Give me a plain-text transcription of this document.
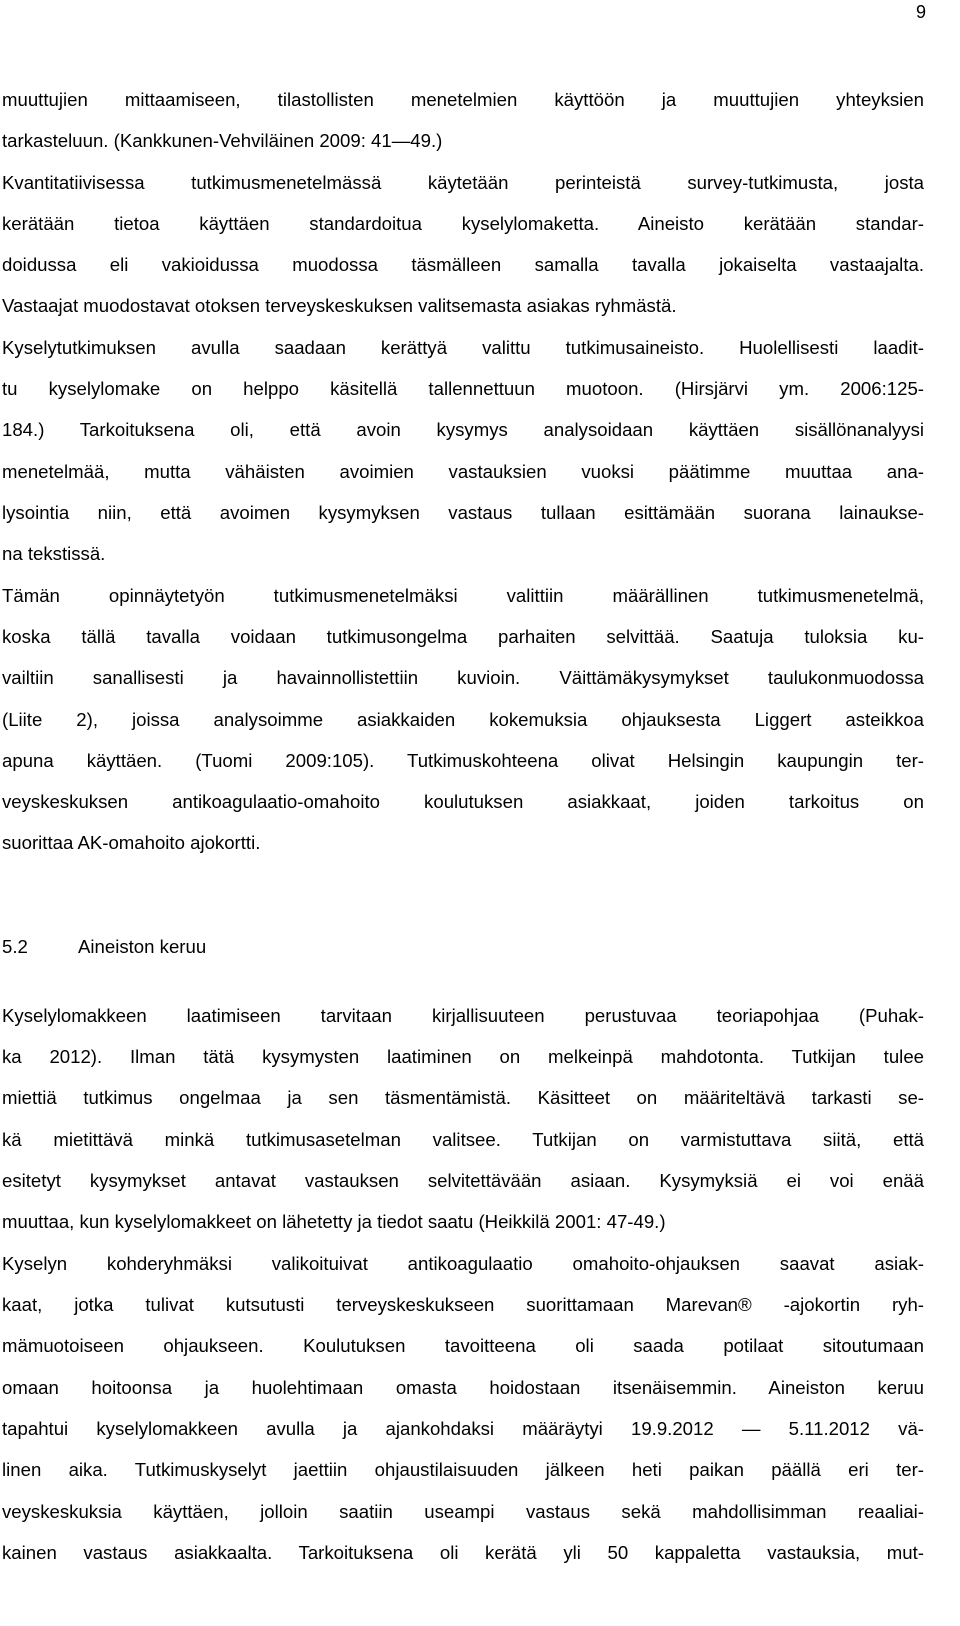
9
muuttujien mittaamiseen, tilastollisten menetelmien käyttöön ja muuttujien yhteyksien
tarkasteluun. (Kankkunen-Vehviläinen 2009: 41—49.)
Kvantitatiivisessa tutkimusmenetelmässä käytetään perinteistä survey-tutkimusta, josta
kerätään tietoa käyttäen standardoitua kyselylomaketta. Aineisto kerätään standar-
doidussa eli vakioidussa muodossa täsmälleen samalla tavalla jokaiselta vastaajalta.
Vastaajat muodostavat otoksen terveyskeskuksen valitsemasta asiakas ryhmästä.
Kyselytutkimuksen avulla saadaan kerättyä valittu tutkimusaineisto. Huolellisesti laadit-
tu kyselylomake on helppo käsitellä tallennettuun muotoon. (Hirsjärvi ym. 2006:125-
184.) Tarkoituksena oli, että avoin kysymys analysoidaan käyttäen sisällönanalyysi
menetelmää, mutta vähäisten avoimien vastauksien vuoksi päätimme muuttaa ana-
lysointia niin, että avoimen kysymyksen vastaus tullaan esittämään suorana lainaukse-
na tekstissä.
Tämän opinnäytetyön tutkimusmenetelmäksi valittiin määrällinen tutkimusmenetelmä,
koska tällä tavalla voidaan tutkimusongelma parhaiten selvittää. Saatuja tuloksia ku-
vailtiin sanallisesti ja havainnollistettiin kuvioin. Väittämäkysymykset taulukonmuodossa
(Liite 2), joissa analysoimme asiakkaiden kokemuksia ohjauksesta Liggert asteikkoa
apuna käyttäen. (Tuomi 2009:105). Tutkimuskohteena olivat Helsingin kaupungin ter-
veyskeskuksen antikoagulaatio-omahoito koulutuksen asiakkaat, joiden tarkoitus on
suorittaa AK-omahoito ajokortti.
5.2	Aineiston keruu
Kyselylomakkeen laatimiseen tarvitaan kirjallisuuteen perustuvaa teoriapohjaa (Puhak-
ka 2012). Ilman tätä kysymysten laatiminen on melkeinpä mahdotonta. Tutkijan tulee
miettiä tutkimus ongelmaa ja sen täsmentämistä. Käsitteet on määriteltävä tarkasti se-
kä mietittävä minkä tutkimusasetelman valitsee. Tutkijan on varmistuttava siitä, että
esitetyt kysymykset antavat vastauksen selvitettävään asiaan. Kysymyksiä ei voi enää
muuttaa, kun kyselylomakkeet on lähetetty ja tiedot saatu (Heikkilä 2001: 47-49.)
Kyselyn kohderyhmäksi valikoituivat antikoagulaatio omahoito-ohjauksen saavat asiak-
kaat, jotka tulivat kutsutusti terveyskeskukseen suorittamaan Marevan® -ajokortin ryh-
mämuotoiseen ohjaukseen. Koulutuksen tavoitteena oli saada potilaat sitoutumaan
omaan hoitoonsa ja huolehtimaan omasta hoidostaan itsenäisemmin. Aineiston keruu
tapahtui kyselylomakkeen avulla ja ajankohdaksi määräytyi 19.9.2012 — 5.11.2012 vä-
linen aika. Tutkimuskyselyt jaettiin ohjaustilaisuuden jälkeen heti paikan päällä eri ter-
veyskeskuksia käyttäen, jolloin saatiin useampi vastaus sekä mahdollisimman reaaliai-
kainen vastaus asiakkaalta. Tarkoituksena oli kerätä yli 50 kappaletta vastauksia, mut-
